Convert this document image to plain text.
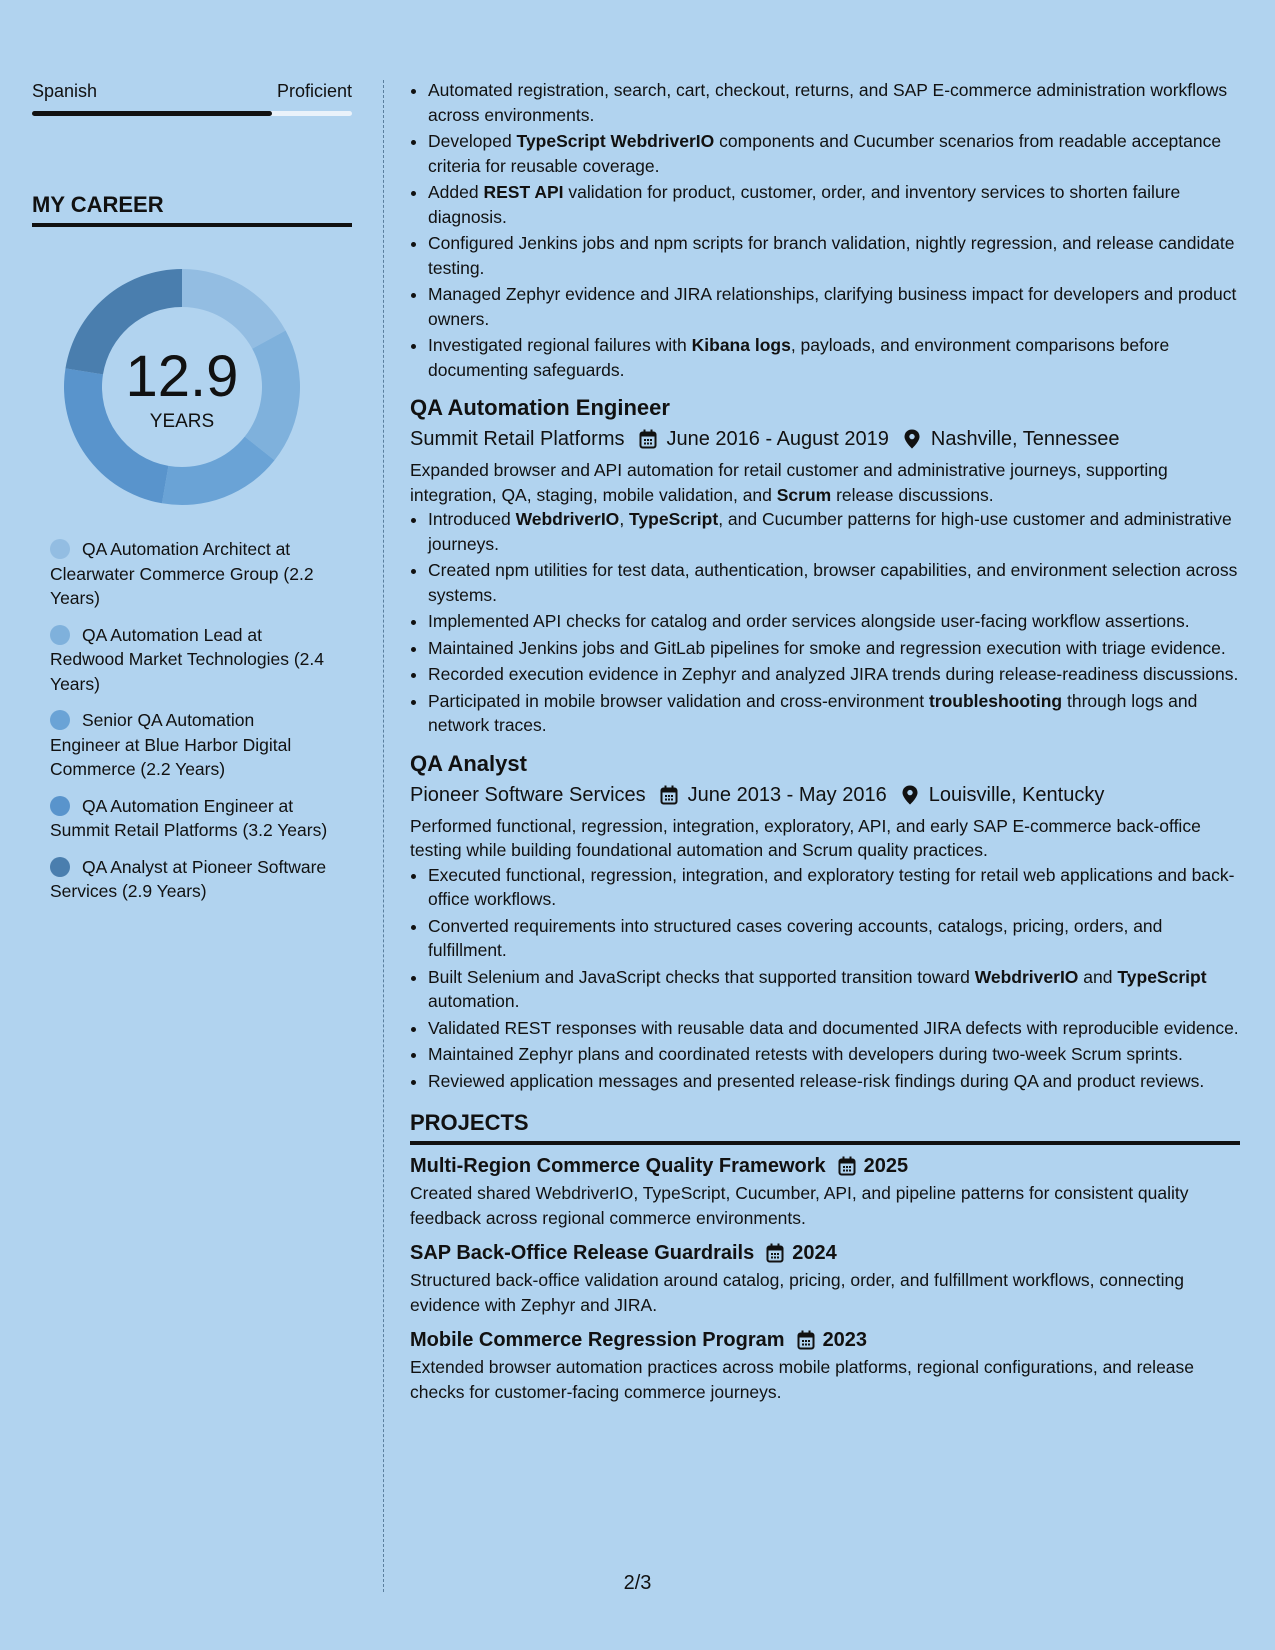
Spanish	Proficient
MY CAREER
12.9
YEARS
QA Automation Architect at Clearwater Commerce Group (2.2 Years)
QA Automation Lead at Redwood Market Technologies (2.4 Years)
Senior QA Automation Engineer at Blue Harbor Digital Commerce (2.2 Years)
QA Automation Engineer at Summit Retail Platforms (3.2 Years)
QA Analyst at Pioneer Software Services (2.9 Years)
• Automated registration, search, cart, checkout, returns, and SAP E-commerce administration workflows across environments.
• Developed TypeScript WebdriverIO components and Cucumber scenarios from readable acceptance criteria for reusable coverage.
• Added REST API validation for product, customer, order, and inventory services to shorten failure diagnosis.
• Configured Jenkins jobs and npm scripts for branch validation, nightly regression, and release candidate testing.
• Managed Zephyr evidence and JIRA relationships, clarifying business impact for developers and product owners.
• Investigated regional failures with Kibana logs, payloads, and environment comparisons before documenting safeguards.
QA Automation Engineer
Summit Retail Platforms June 2016 - August 2019 Nashville, Tennessee
Expanded browser and API automation for retail customer and administrative journeys, supporting integration, QA, staging, mobile validation, and Scrum release discussions.
• Introduced WebdriverIO, TypeScript, and Cucumber patterns for high-use customer and administrative journeys.
• Created npm utilities for test data, authentication, browser capabilities, and environment selection across systems.
• Implemented API checks for catalog and order services alongside user-facing workflow assertions.
• Maintained Jenkins jobs and GitLab pipelines for smoke and regression execution with triage evidence.
• Recorded execution evidence in Zephyr and analyzed JIRA trends during release-readiness discussions.
• Participated in mobile browser validation and cross-environment troubleshooting through logs and network traces.
QA Analyst
Pioneer Software Services June 2013 - May 2016 Louisville, Kentucky
Performed functional, regression, integration, exploratory, API, and early SAP E-commerce back-office testing while building foundational automation and Scrum quality practices.
• Executed functional, regression, integration, and exploratory testing for retail web applications and back-office workflows.
• Converted requirements into structured cases covering accounts, catalogs, pricing, orders, and fulfillment.
• Built Selenium and JavaScript checks that supported transition toward WebdriverIO and TypeScript automation.
• Validated REST responses with reusable data and documented JIRA defects with reproducible evidence.
• Maintained Zephyr plans and coordinated retests with developers during two-week Scrum sprints.
• Reviewed application messages and presented release-risk findings during QA and product reviews.
PROJECTS
Multi-Region Commerce Quality Framework 2025
Created shared WebdriverIO, TypeScript, Cucumber, API, and pipeline patterns for consistent quality feedback across regional commerce environments.
SAP Back-Office Release Guardrails 2024
Structured back-office validation around catalog, pricing, order, and fulfillment workflows, connecting evidence with Zephyr and JIRA.
Mobile Commerce Regression Program 2023
Extended browser automation practices across mobile platforms, regional configurations, and release checks for customer-facing commerce journeys.
2/3
